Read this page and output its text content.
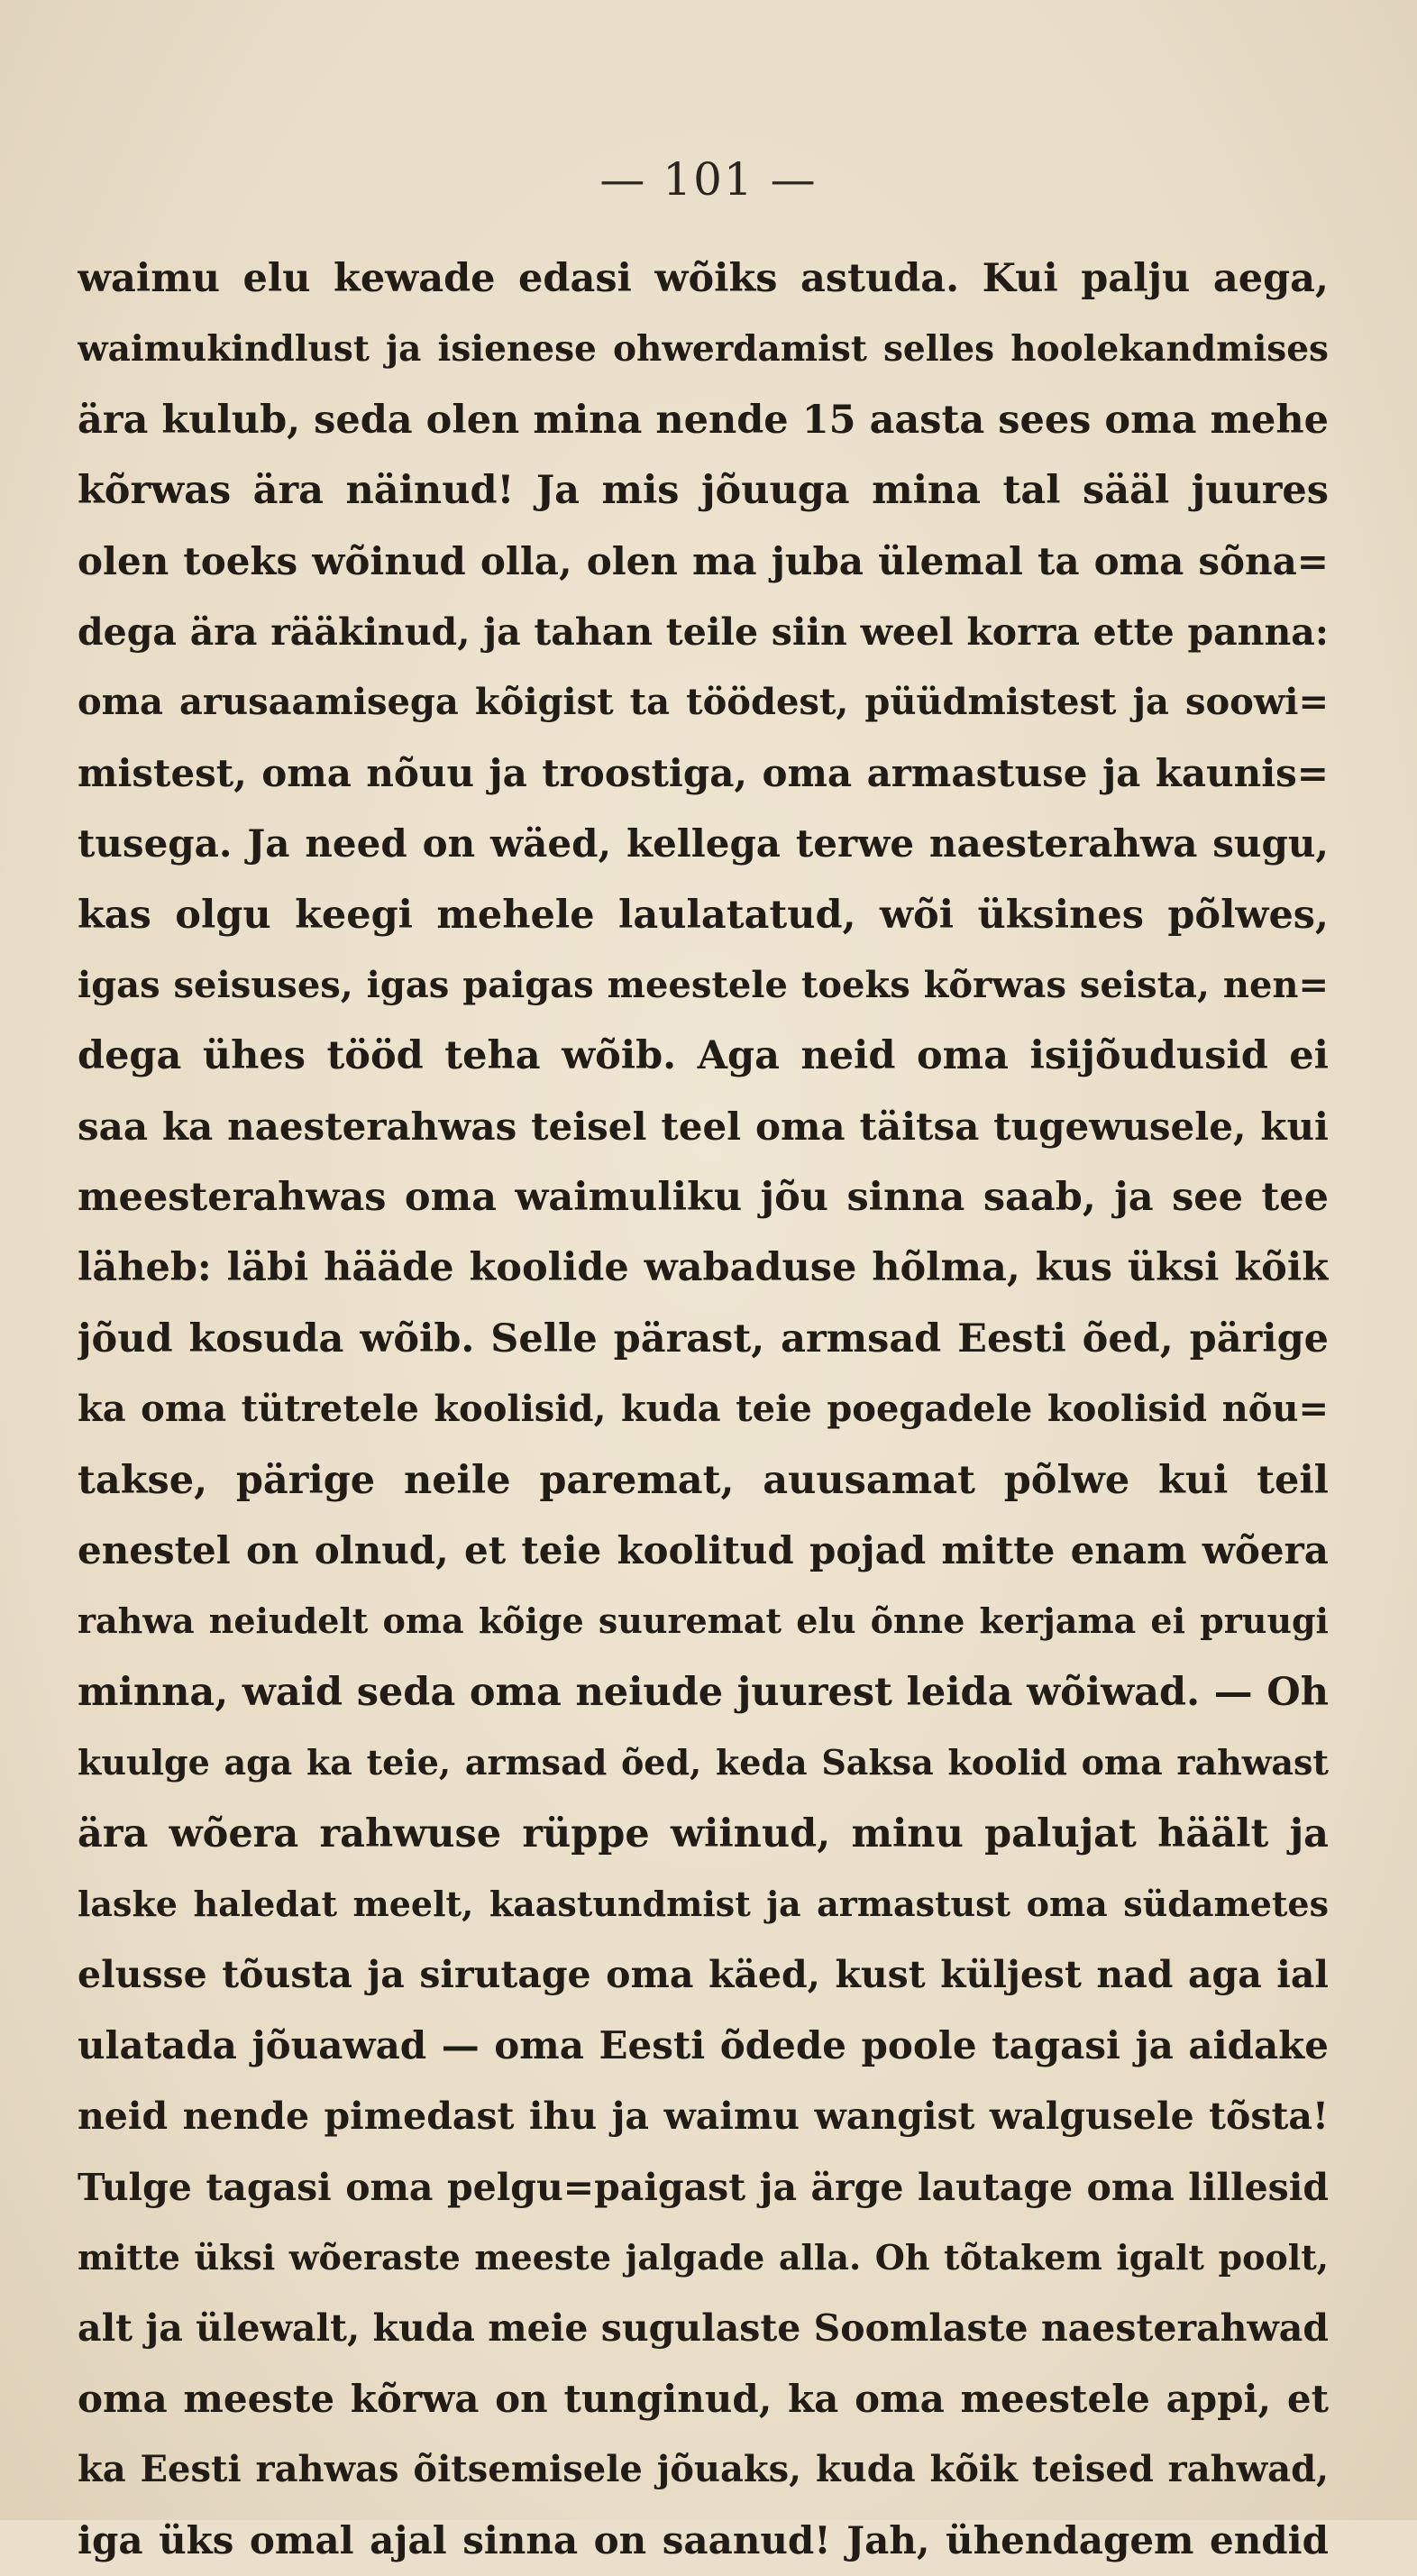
— 101 —
waimu elu kewade edasi wõiks astuda. Kui palju aega,
waimukindlust ja isienese ohwerdamist selles hoolekandmises
ära kulub, seda olen mina nende 15 aasta sees oma mehe
kõrwas ära näinud! Ja mis jõuuga mina tal sääl juures
olen toeks wõinud olla, olen ma juba ülemal ta oma sõna=
dega ära rääkinud, ja tahan teile siin weel korra ette panna:
oma arusaamisega kõigist ta töödest, püüdmistest ja soowi=
mistest, oma nõuu ja troostiga, oma armastuse ja kaunis=
tusega. Ja need on wäed, kellega terwe naesterahwa sugu,
kas olgu keegi mehele laulatatud, wõi üksines põlwes,
igas seisuses, igas paigas meestele toeks kõrwas seista, nen=
dega ühes tööd teha wõib. Aga neid oma isijõudusid ei
saa ka naesterahwas teisel teel oma täitsa tugewusele, kui
meesterahwas oma waimuliku jõu sinna saab, ja see tee
läheb: läbi hääde koolide wabaduse hõlma, kus üksi kõik
jõud kosuda wõib. Selle pärast, armsad Eesti õed, pärige
ka oma tütretele koolisid, kuda teie poegadele koolisid nõu=
takse, pärige neile paremat, auusamat põlwe kui teil
enestel on olnud, et teie koolitud pojad mitte enam wõera
rahwa neiudelt oma kõige suuremat elu õnne kerjama ei pruugi
minna, waid seda oma neiude juurest leida wõiwad. — Oh
kuulge aga ka teie, armsad õed, keda Saksa koolid oma rahwast
ära wõera rahwuse rüppe wiinud, minu palujat häält ja
laske haledat meelt, kaastundmist ja armastust oma südametes
elusse tõusta ja sirutage oma käed, kust küljest nad aga ial
ulatada jõuawad — oma Eesti õdede poole tagasi ja aidake
neid nende pimedast ihu ja waimu wangist walgusele tõsta!
Tulge tagasi oma pelgu=paigast ja ärge lautage oma lillesid
mitte üksi wõeraste meeste jalgade alla. Oh tõtakem igalt poolt,
alt ja ülewalt, kuda meie sugulaste Soomlaste naesterahwad
oma meeste kõrwa on tunginud, ka oma meestele appi, et
ka Eesti rahwas õitsemisele jõuaks, kuda kõik teised rahwad,
iga üks omal ajal sinna on saanud! Jah, ühendagem endid
